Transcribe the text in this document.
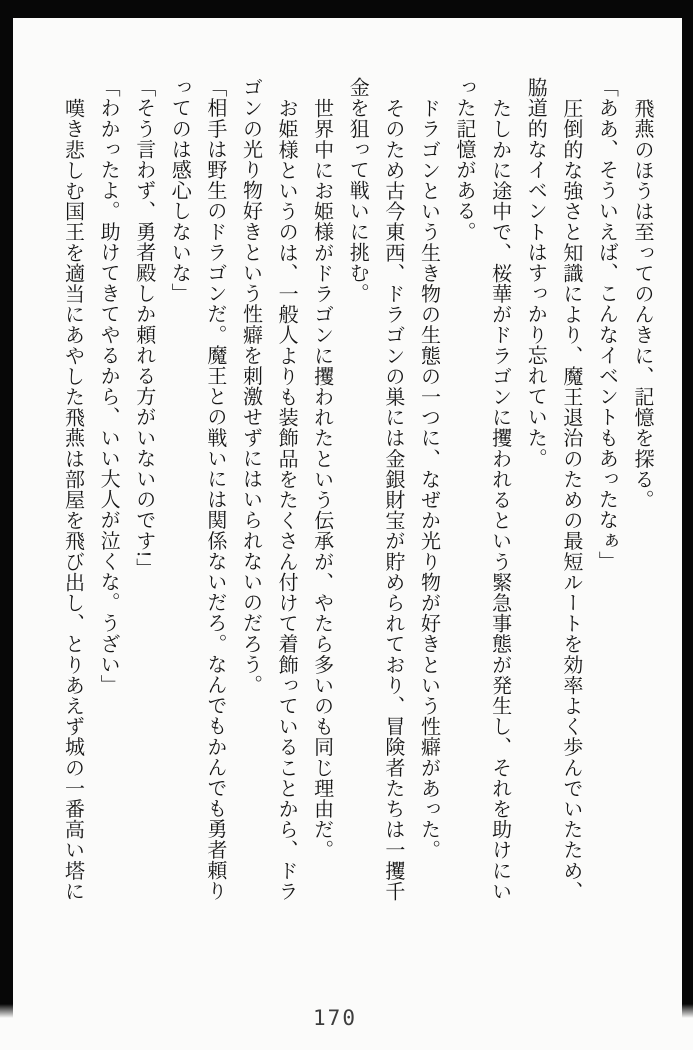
飛燕のほうは至ってのんきに、記憶を探る。
「ああ、そういえば、こんなイベントもあったなぁ」
圧倒的な強さと知識により、魔王退治のための最短ルートを効率よく歩んでいたため、
脇道的なイベントはすっかり忘れていた。
たしかに途中で、桜華がドラゴンに攫われるという緊急事態が発生し、それを助けにい
った記憶がある。
ドラゴンという生き物の生態の一つに、なぜか光り物が好きという性癖があった。
そのため古今東西、ドラゴンの巣には金銀財宝が貯められており、冒険者たちは一攫千
金を狙って戦いに挑む。
世界中にお姫様がドラゴンに攫われたという伝承が、やたら多いのも同じ理由だ。
お姫様というのは、一般人よりも装飾品をたくさん付けて着飾っていることから、ドラ
ゴンの光り物好きという性癖を刺激せずにはいられないのだろう。
「相手は野生のドラゴンだ。魔王との戦いには関係ないだろ。なんでもかんでも勇者頼り
ってのは感心しないな」
「そう言わず、勇者殿しか頼れる方がいないのです!」
「わかったよ。助けてきてやるから、いい大人が泣くな。うざい」
嘆き悲しむ国王を適当にあやした飛燕は部屋を飛び出し、とりあえず城の一番高い塔に
170
